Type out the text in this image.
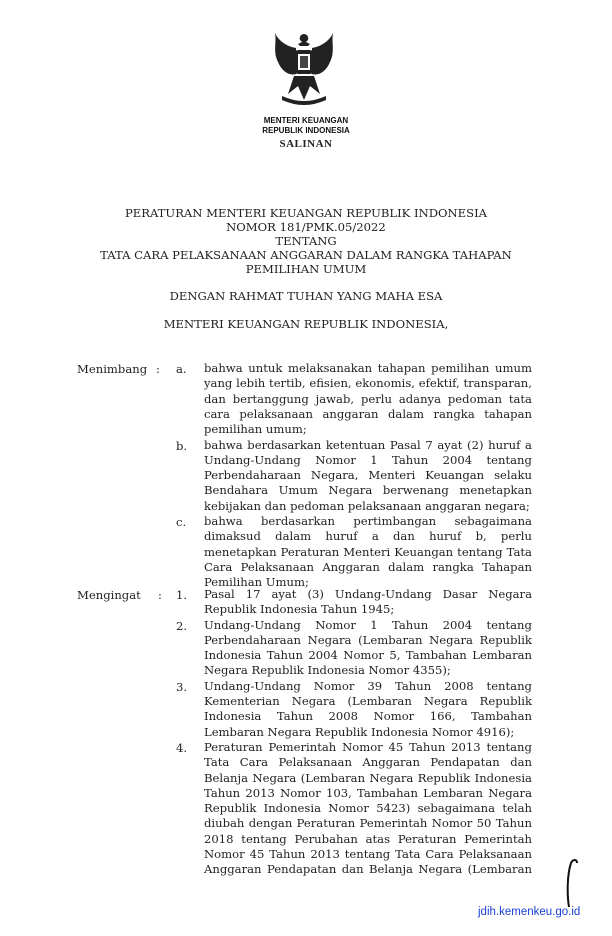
MENTERI KEUANGAN
REPUBLIK INDONESIA
SALINAN
PERATURAN MENTERI KEUANGAN REPUBLIK INDONESIA
NOMOR 181/PMK.05/2022
TENTANG
TATA CARA PELAKSANAAN ANGGARAN DALAM RANGKA TAHAPAN
PEMILIHAN UMUM
DENGAN RAHMAT TUHAN YANG MAHA ESA
MENTERI KEUANGAN REPUBLIK INDONESIA,
Menimbang : a. bahwa untuk melaksanakan tahapan pemilihan umum
yang lebih tertib, efisien, ekonomis, efektif, transparan,
dan bertanggung jawab, perlu adanya pedoman tata
cara pelaksanaan anggaran dalam rangka tahapan
pemilihan umum;
b. bahwa berdasarkan ketentuan Pasal 7 ayat (2) huruf a
Undang-Undang Nomor 1 Tahun 2004 tentang
Perbendaharaan Negara, Menteri Keuangan selaku
Bendahara Umum Negara berwenang menetapkan
kebijakan dan pedoman pelaksanaan anggaran negara;
c. bahwa berdasarkan pertimbangan sebagaimana
dimaksud dalam huruf a dan huruf b, perlu
menetapkan Peraturan Menteri Keuangan tentang Tata
Cara Pelaksanaan Anggaran dalam rangka Tahapan
Pemilihan Umum;
Mengingat : 1. Pasal 17 ayat (3) Undang-Undang Dasar Negara
Republik Indonesia Tahun 1945;
2. Undang-Undang Nomor 1 Tahun 2004 tentang
Perbendaharaan Negara (Lembaran Negara Republik
Indonesia Tahun 2004 Nomor 5, Tambahan Lembaran
Negara Republik Indonesia Nomor 4355);
3. Undang-Undang Nomor 39 Tahun 2008 tentang
Kementerian Negara (Lembaran Negara Republik
Indonesia Tahun 2008 Nomor 166, Tambahan
Lembaran Negara Republik Indonesia Nomor 4916);
4. Peraturan Pemerintah Nomor 45 Tahun 2013 tentang
Tata Cara Pelaksanaan Anggaran Pendapatan dan
Belanja Negara (Lembaran Negara Republik Indonesia
Tahun 2013 Nomor 103, Tambahan Lembaran Negara
Republik Indonesia Nomor 5423) sebagaimana telah
diubah dengan Peraturan Pemerintah Nomor 50 Tahun
2018 tentang Perubahan atas Peraturan Pemerintah
Nomor 45 Tahun 2013 tentang Tata Cara Pelaksanaan
Anggaran Pendapatan dan Belanja Negara (Lembaran
jdih.kemenkeu.go.id
